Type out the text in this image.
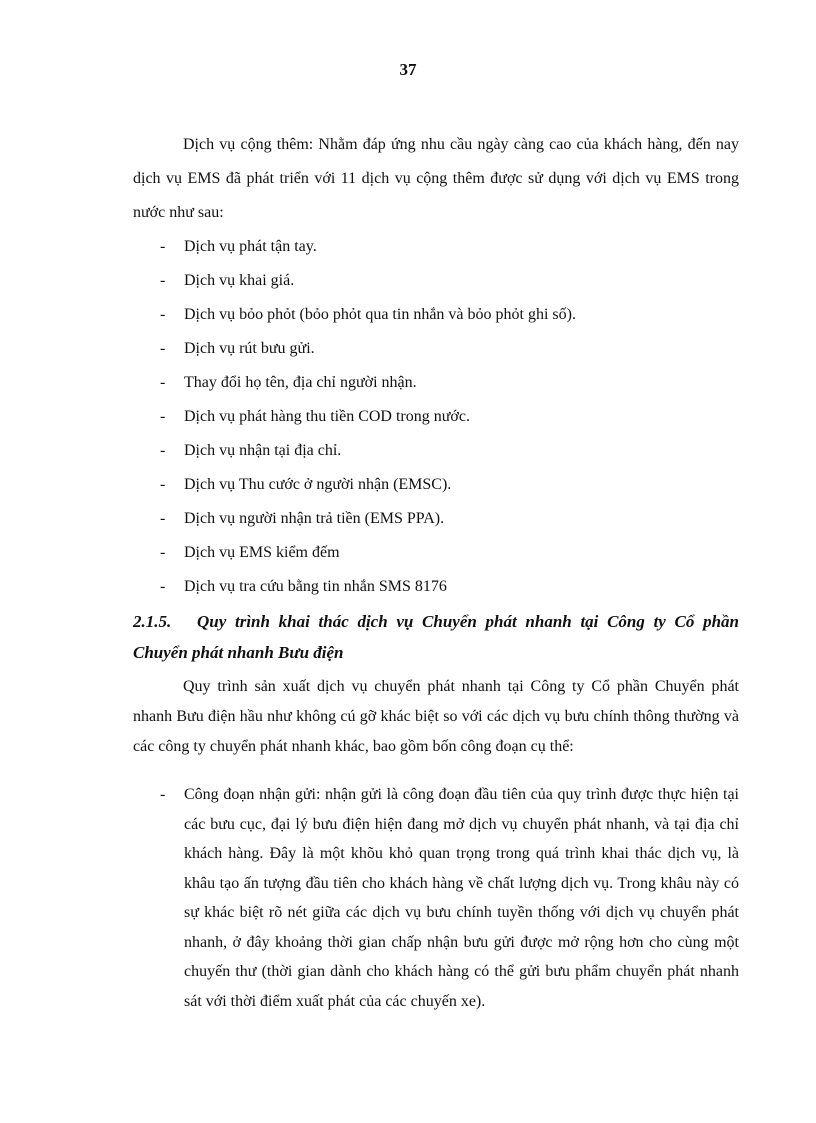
37

Dịch vụ cộng thêm: Nhằm đáp ứng nhu cầu ngày càng cao của khách hàng, đến nay dịch vụ EMS đã phát triển với 11 dịch vụ cộng thêm được sử dụng với dịch vụ EMS trong nước như sau:

- Dịch vụ phát tận tay.
- Dịch vụ khai giá.
- Dịch vụ bỏo phỏt (bỏo phỏt qua tin nhắn và bỏo phỏt ghi số).
- Dịch vụ rút bưu gửi.
- Thay đổi họ tên, địa chỉ người nhận.
- Dịch vụ phát hàng thu tiền COD trong nước.
- Dịch vụ nhận tại địa chỉ.
- Dịch vụ Thu cước ở người nhận (EMSC).
- Dịch vụ người nhận trả tiền (EMS PPA).
- Dịch vụ EMS kiểm đếm
- Dịch vụ tra cứu bằng tin nhắn SMS 8176
2.1.5. Quy trình khai thác dịch vụ Chuyển phát nhanh tại Công ty Cổ phần Chuyển phát nhanh Bưu điện

Quy trình sản xuất dịch vụ chuyển phát nhanh tại Công ty Cổ phần Chuyển phát nhanh Bưu điện hầu như không cú gỡ khác biệt so với các dịch vụ bưu chính thông thường và các công ty chuyển phát nhanh khác, bao gồm bốn công đoạn cụ thể:

- Công đoạn nhận gửi: nhận gửi là công đoạn đầu tiên của quy trình được thực hiện tại các bưu cục, đại lý bưu điện hiện đang mở dịch vụ chuyển phát nhanh, và tại địa chỉ khách hàng. Đây là một khõu khỏ quan trọng trong quá trình khai thác dịch vụ, là khâu tạo ấn tượng đầu tiên cho khách hàng về chất lượng dịch vụ. Trong khâu này có sự khác biệt rõ nét giữa các dịch vụ bưu chính tuyền thống với dịch vụ chuyển phát nhanh, ở đây khoảng thời gian chấp nhận bưu gửi được mở rộng hơn cho cùng một chuyến thư (thời gian dành cho khách hàng có thể gửi bưu phẩm chuyển phát nhanh sát với thời điểm xuất phát của các chuyến xe).
